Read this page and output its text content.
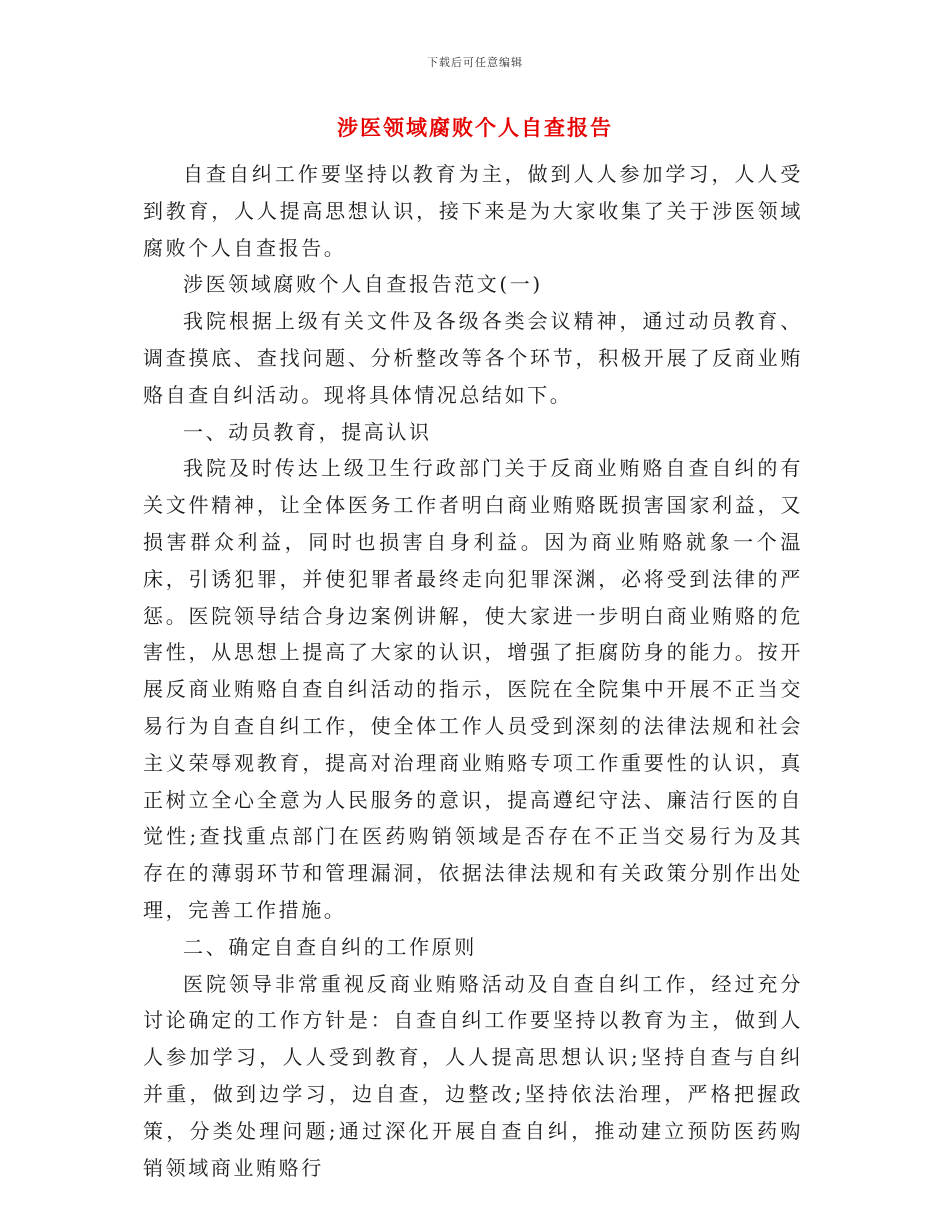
下载后可任意编辑
涉医领域腐败个人自查报告

自查自纠工作要坚持以教育为主，做到人人参加学习，人人受到教育，人人提高思想认识，接下来是为大家收集了关于涉医领域腐败个人自查报告。

涉医领域腐败个人自查报告范文(一)

我院根据上级有关文件及各级各类会议精神，通过动员教育、调查摸底、查找问题、分析整改等各个环节，积极开展了反商业贿赂自查自纠活动。现将具体情况总结如下。

一、动员教育，提高认识

我院及时传达上级卫生行政部门关于反商业贿赂自查自纠的有关文件精神，让全体医务工作者明白商业贿赂既损害国家利益，又损害群众利益，同时也损害自身利益。因为商业贿赂就象一个温床，引诱犯罪，并使犯罪者最终走向犯罪深渊，必将受到法律的严惩。医院领导结合身边案例讲解，使大家进一步明白商业贿赂的危害性，从思想上提高了大家的认识，增强了拒腐防身的能力。按开展反商业贿赂自查自纠活动的指示，医院在全院集中开展不正当交易行为自查自纠工作，使全体工作人员受到深刻的法律法规和社会主义荣辱观教育，提高对治理商业贿赂专项工作重要性的认识，真正树立全心全意为人民服务的意识，提高遵纪守法、廉洁行医的自觉性;查找重点部门在医药购销领域是否存在不正当交易行为及其存在的薄弱环节和管理漏洞，依据法律法规和有关政策分别作出处理，完善工作措施。

二、确定自查自纠的工作原则

医院领导非常重视反商业贿赂活动及自查自纠工作，经过充分讨论确定的工作方针是：自查自纠工作要坚持以教育为主，做到人人参加学习，人人受到教育，人人提高思想认识;坚持自查与自纠并重，做到边学习，边自查，边整改;坚持依法治理，严格把握政策，分类处理问题;通过深化开展自查自纠，推动建立预防医药购销领域商业贿赂行
